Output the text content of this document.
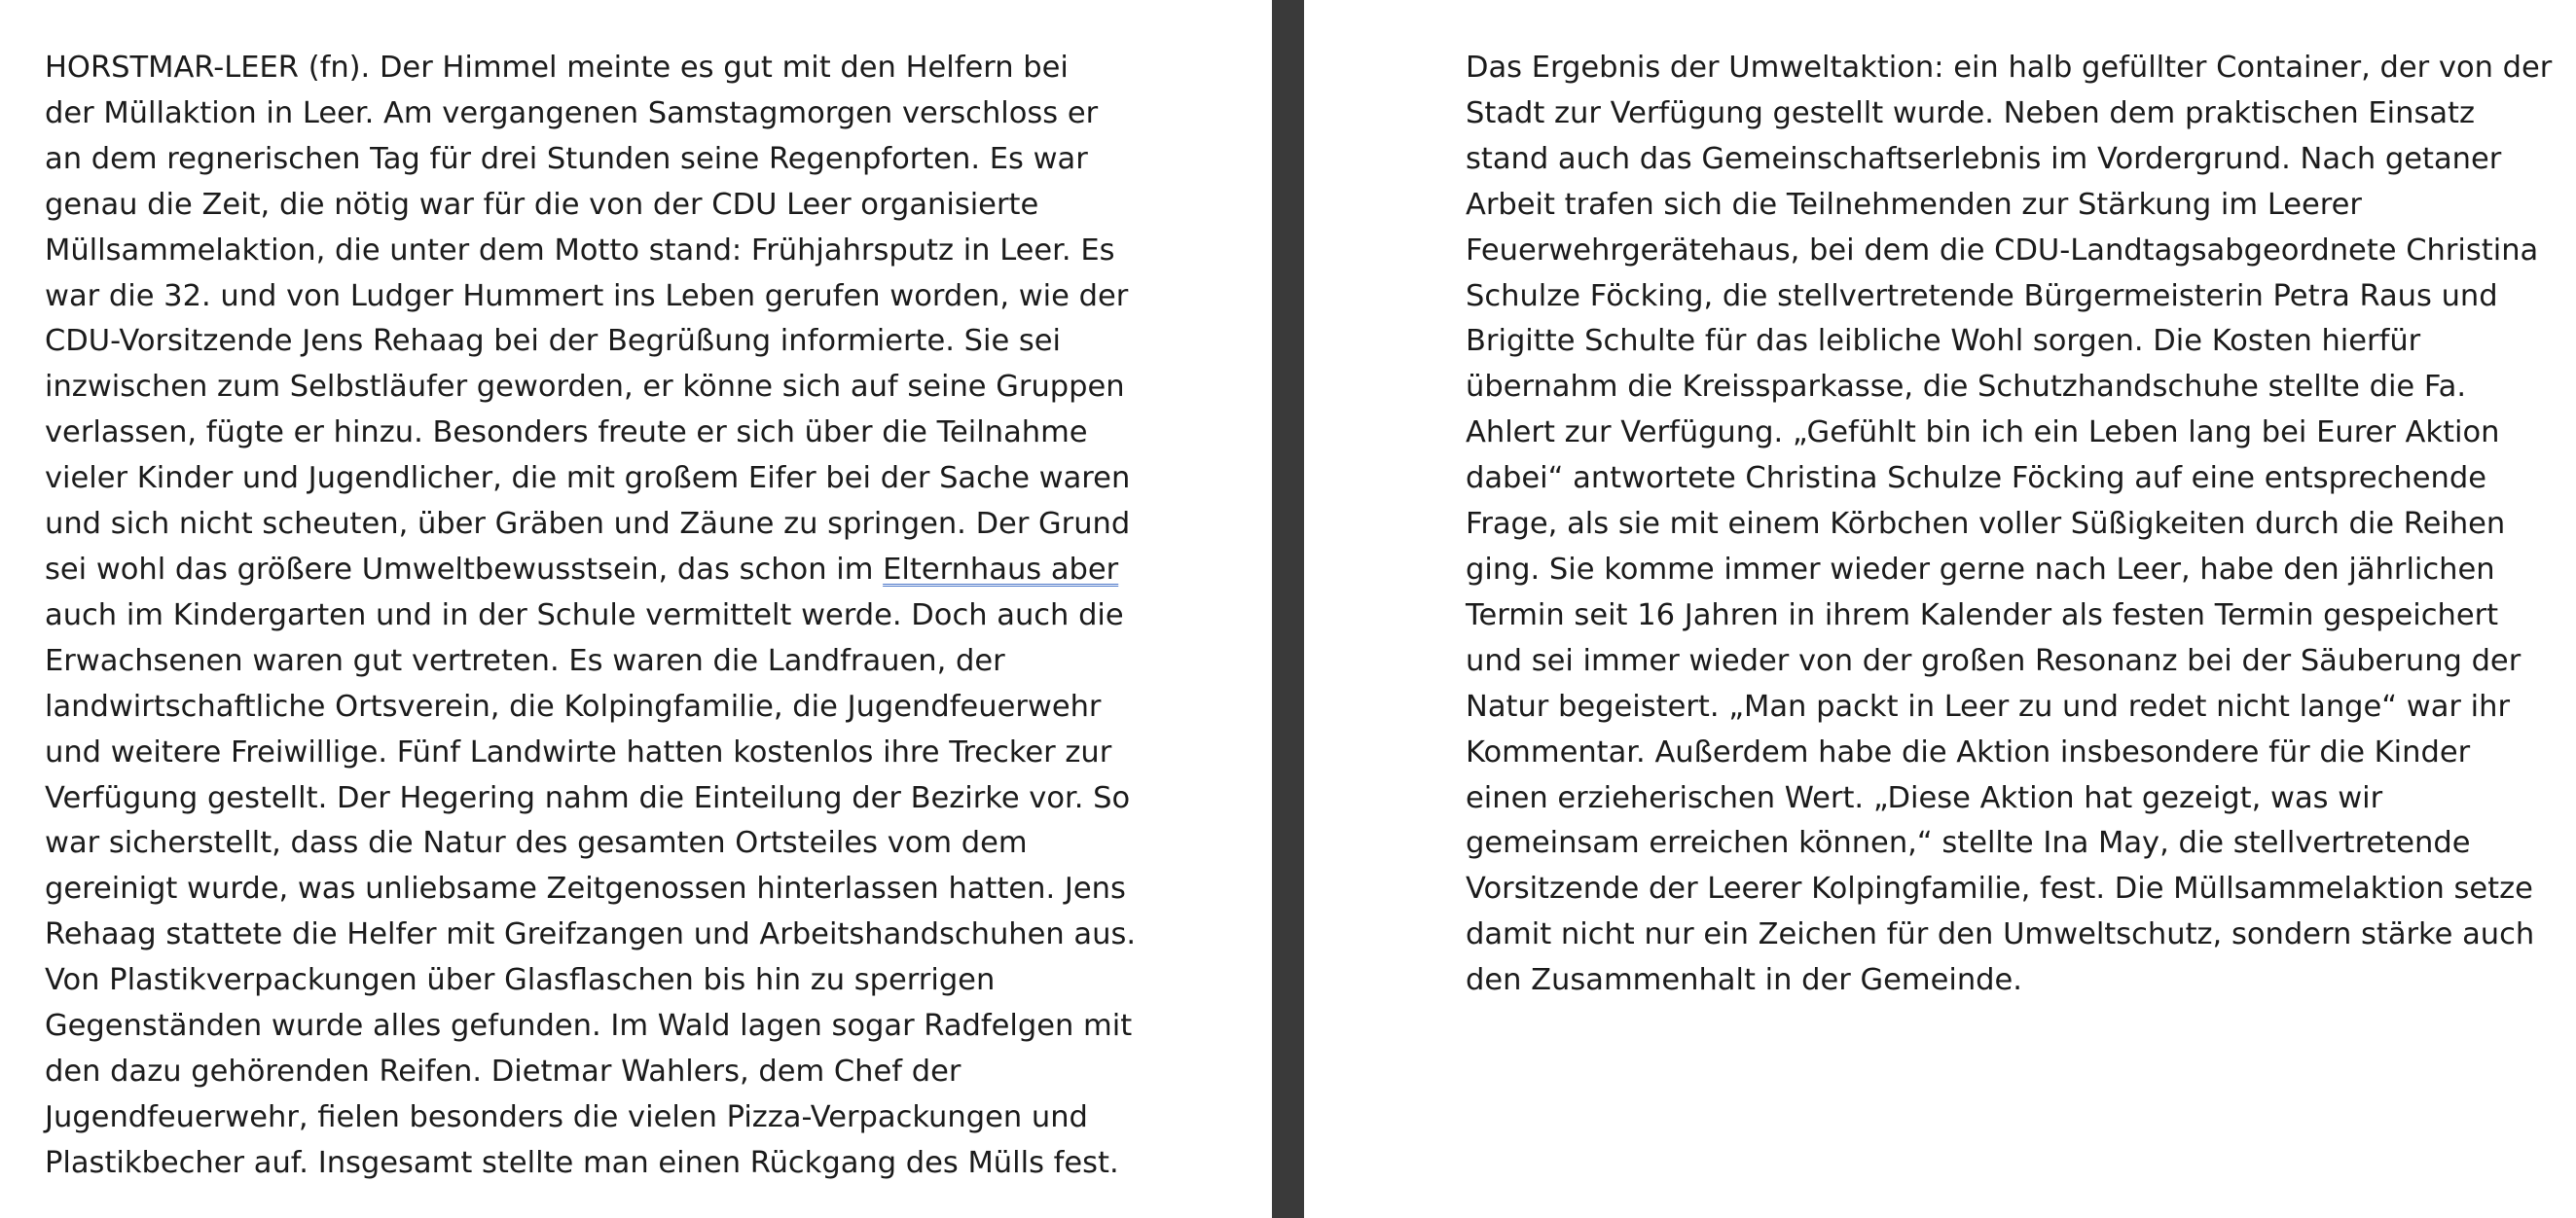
HORSTMAR-LEER (fn). Der Himmel meinte es gut mit den Helfern bei
der Müllaktion in Leer. Am vergangenen Samstagmorgen verschloss er
an dem regnerischen Tag für drei Stunden seine Regenpforten. Es war
genau die Zeit, die nötig war für die von der CDU Leer organisierte
Müllsammelaktion, die unter dem Motto stand: Frühjahrsputz in Leer. Es
war die 32. und von Ludger Hummert ins Leben gerufen worden, wie der
CDU-Vorsitzende Jens Rehaag bei der Begrüßung informierte. Sie sei
inzwischen zum Selbstläufer geworden, er könne sich auf seine Gruppen
verlassen, fügte er hinzu. Besonders freute er sich über die Teilnahme
vieler Kinder und Jugendlicher, die mit großem Eifer bei der Sache waren
und sich nicht scheuten, über Gräben und Zäune zu springen. Der Grund
sei wohl das größere Umweltbewusstsein, das schon im Elternhaus aber
auch im Kindergarten und in der Schule vermittelt werde. Doch auch die
Erwachsenen waren gut vertreten. Es waren die Landfrauen, der
landwirtschaftliche Ortsverein, die Kolpingfamilie, die Jugendfeuerwehr
und weitere Freiwillige. Fünf Landwirte hatten kostenlos ihre Trecker zur
Verfügung gestellt. Der Hegering nahm die Einteilung der Bezirke vor. So
war sicherstellt, dass die Natur des gesamten Ortsteiles vom dem
gereinigt wurde, was unliebsame Zeitgenossen hinterlassen hatten. Jens
Rehaag stattete die Helfer mit Greifzangen und Arbeitshandschuhen aus.
Von Plastikverpackungen über Glasflaschen bis hin zu sperrigen
Gegenständen wurde alles gefunden. Im Wald lagen sogar Radfelgen mit
den dazu gehörenden Reifen. Dietmar Wahlers, dem Chef der
Jugendfeuerwehr, fielen besonders die vielen Pizza-Verpackungen und
Plastikbecher auf. Insgesamt stellte man einen Rückgang des Mülls fest.
Das Ergebnis der Umweltaktion: ein halb gefüllter Container, der von der
Stadt zur Verfügung gestellt wurde. Neben dem praktischen Einsatz
stand auch das Gemeinschaftserlebnis im Vordergrund. Nach getaner
Arbeit trafen sich die Teilnehmenden zur Stärkung im Leerer
Feuerwehrgerätehaus, bei dem die CDU-Landtagsabgeordnete Christina
Schulze Föcking, die stellvertretende Bürgermeisterin Petra Raus und
Brigitte Schulte für das leibliche Wohl sorgen. Die Kosten hierfür
übernahm die Kreissparkasse, die Schutzhandschuhe stellte die Fa.
Ahlert zur Verfügung. „Gefühlt bin ich ein Leben lang bei Eurer Aktion
dabei“ antwortete Christina Schulze Föcking auf eine entsprechende
Frage, als sie mit einem Körbchen voller Süßigkeiten durch die Reihen
ging. Sie komme immer wieder gerne nach Leer, habe den jährlichen
Termin seit 16 Jahren in ihrem Kalender als festen Termin gespeichert
und sei immer wieder von der großen Resonanz bei der Säuberung der
Natur begeistert. „Man packt in Leer zu und redet nicht lange“ war ihr
Kommentar. Außerdem habe die Aktion insbesondere für die Kinder
einen erzieherischen Wert. „Diese Aktion hat gezeigt, was wir
gemeinsam erreichen können,“ stellte Ina May, die stellvertretende
Vorsitzende der Leerer Kolpingfamilie, fest. Die Müllsammelaktion setze
damit nicht nur ein Zeichen für den Umweltschutz, sondern stärke auch
den Zusammenhalt in der Gemeinde.
